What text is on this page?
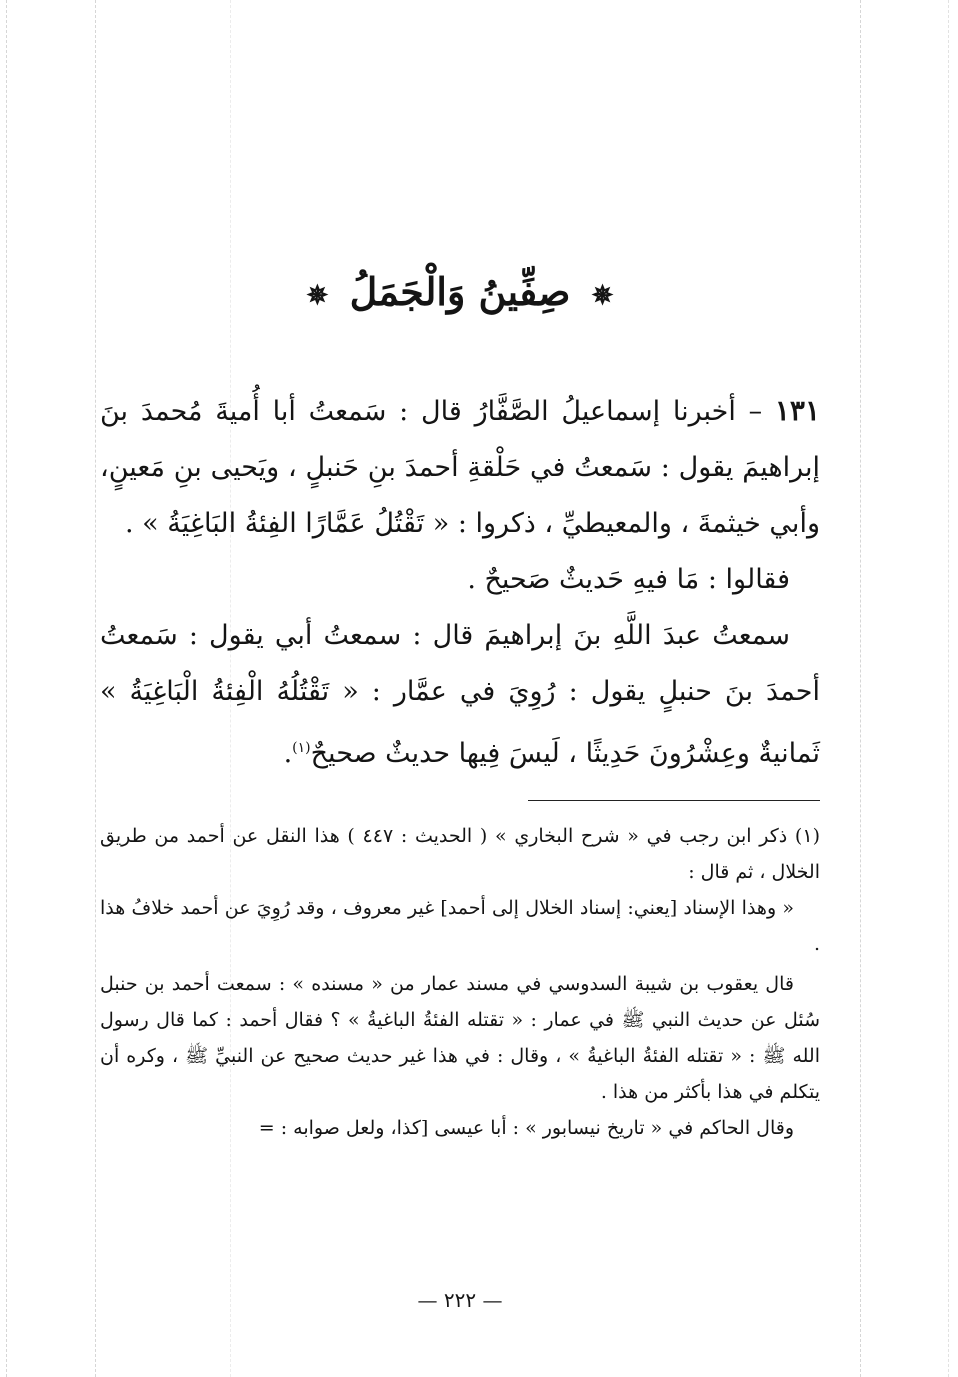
✵ صِفِّينُ وَالْجَمَلُ ✵

١٣١ – أخبرنا إسماعيلُ الصَّفَّارُ قال : سَمعتُ أبا أُميةَ مُحمدَ بنَ إبراهيمَ يقول : سَمعتُ في حَلْقةِ أحمدَ بنِ حَنبلٍ ، ويَحيى بنِ مَعينٍ، وأبي خيثمةَ ، والمعيطيِّ ، ذكروا : « تَقْتُلُ عَمَّارًا الفِئةُ البَاغِيَةُ » .

فقالوا : مَا فيهِ حَديثٌ صَحيحٌ .

سمعتُ عبدَ اللَّهِ بنَ إبراهيمَ قال : سمعتُ أبي يقول : سَمعتُ أحمدَ بنَ حنبلٍ يقول : رُوِيَ في عمَّار : « تَقْتُلُهُ الْفِئةُ الْبَاغِيَةُ » ثَمانيةٌ وعِشْرُونَ حَدِيثًا ، لَيسَ فِيها حديثٌ صحيحٌ$^{(١)}$.

(١) ذكر ابن رجب في « شرح البخاري » ( الحديث : ٤٤٧ ) هذا النقل عن أحمد من طريق الخلال ، ثم قال :

« وهذا الإسناد [يعني: إسناد الخلال إلى أحمد] غير معروف ، وقد رُوِيَ عن أحمد خلافُ هذا .

قال يعقوب بن شيبة السدوسي في مسند عمار من « مسنده » : سمعت أحمد بن حنبل سُئل عن حديث النبي ﷺ في عمار : « تقتله الفئةُ الباغيةُ » ؟ فقال أحمد : كما قال رسول الله ﷺ : « تقتله الفئةُ الباغيةُ » ، وقال : في هذا غير حديث صحيح عن النبيِّ ﷺ ، وكره أن يتكلم في هذا بأكثر من هذا .

وقال الحاكم في « تاريخ نيسابور » : أبا عيسى [كذا، ولعل صوابه : =

— ٢٢٢ —
